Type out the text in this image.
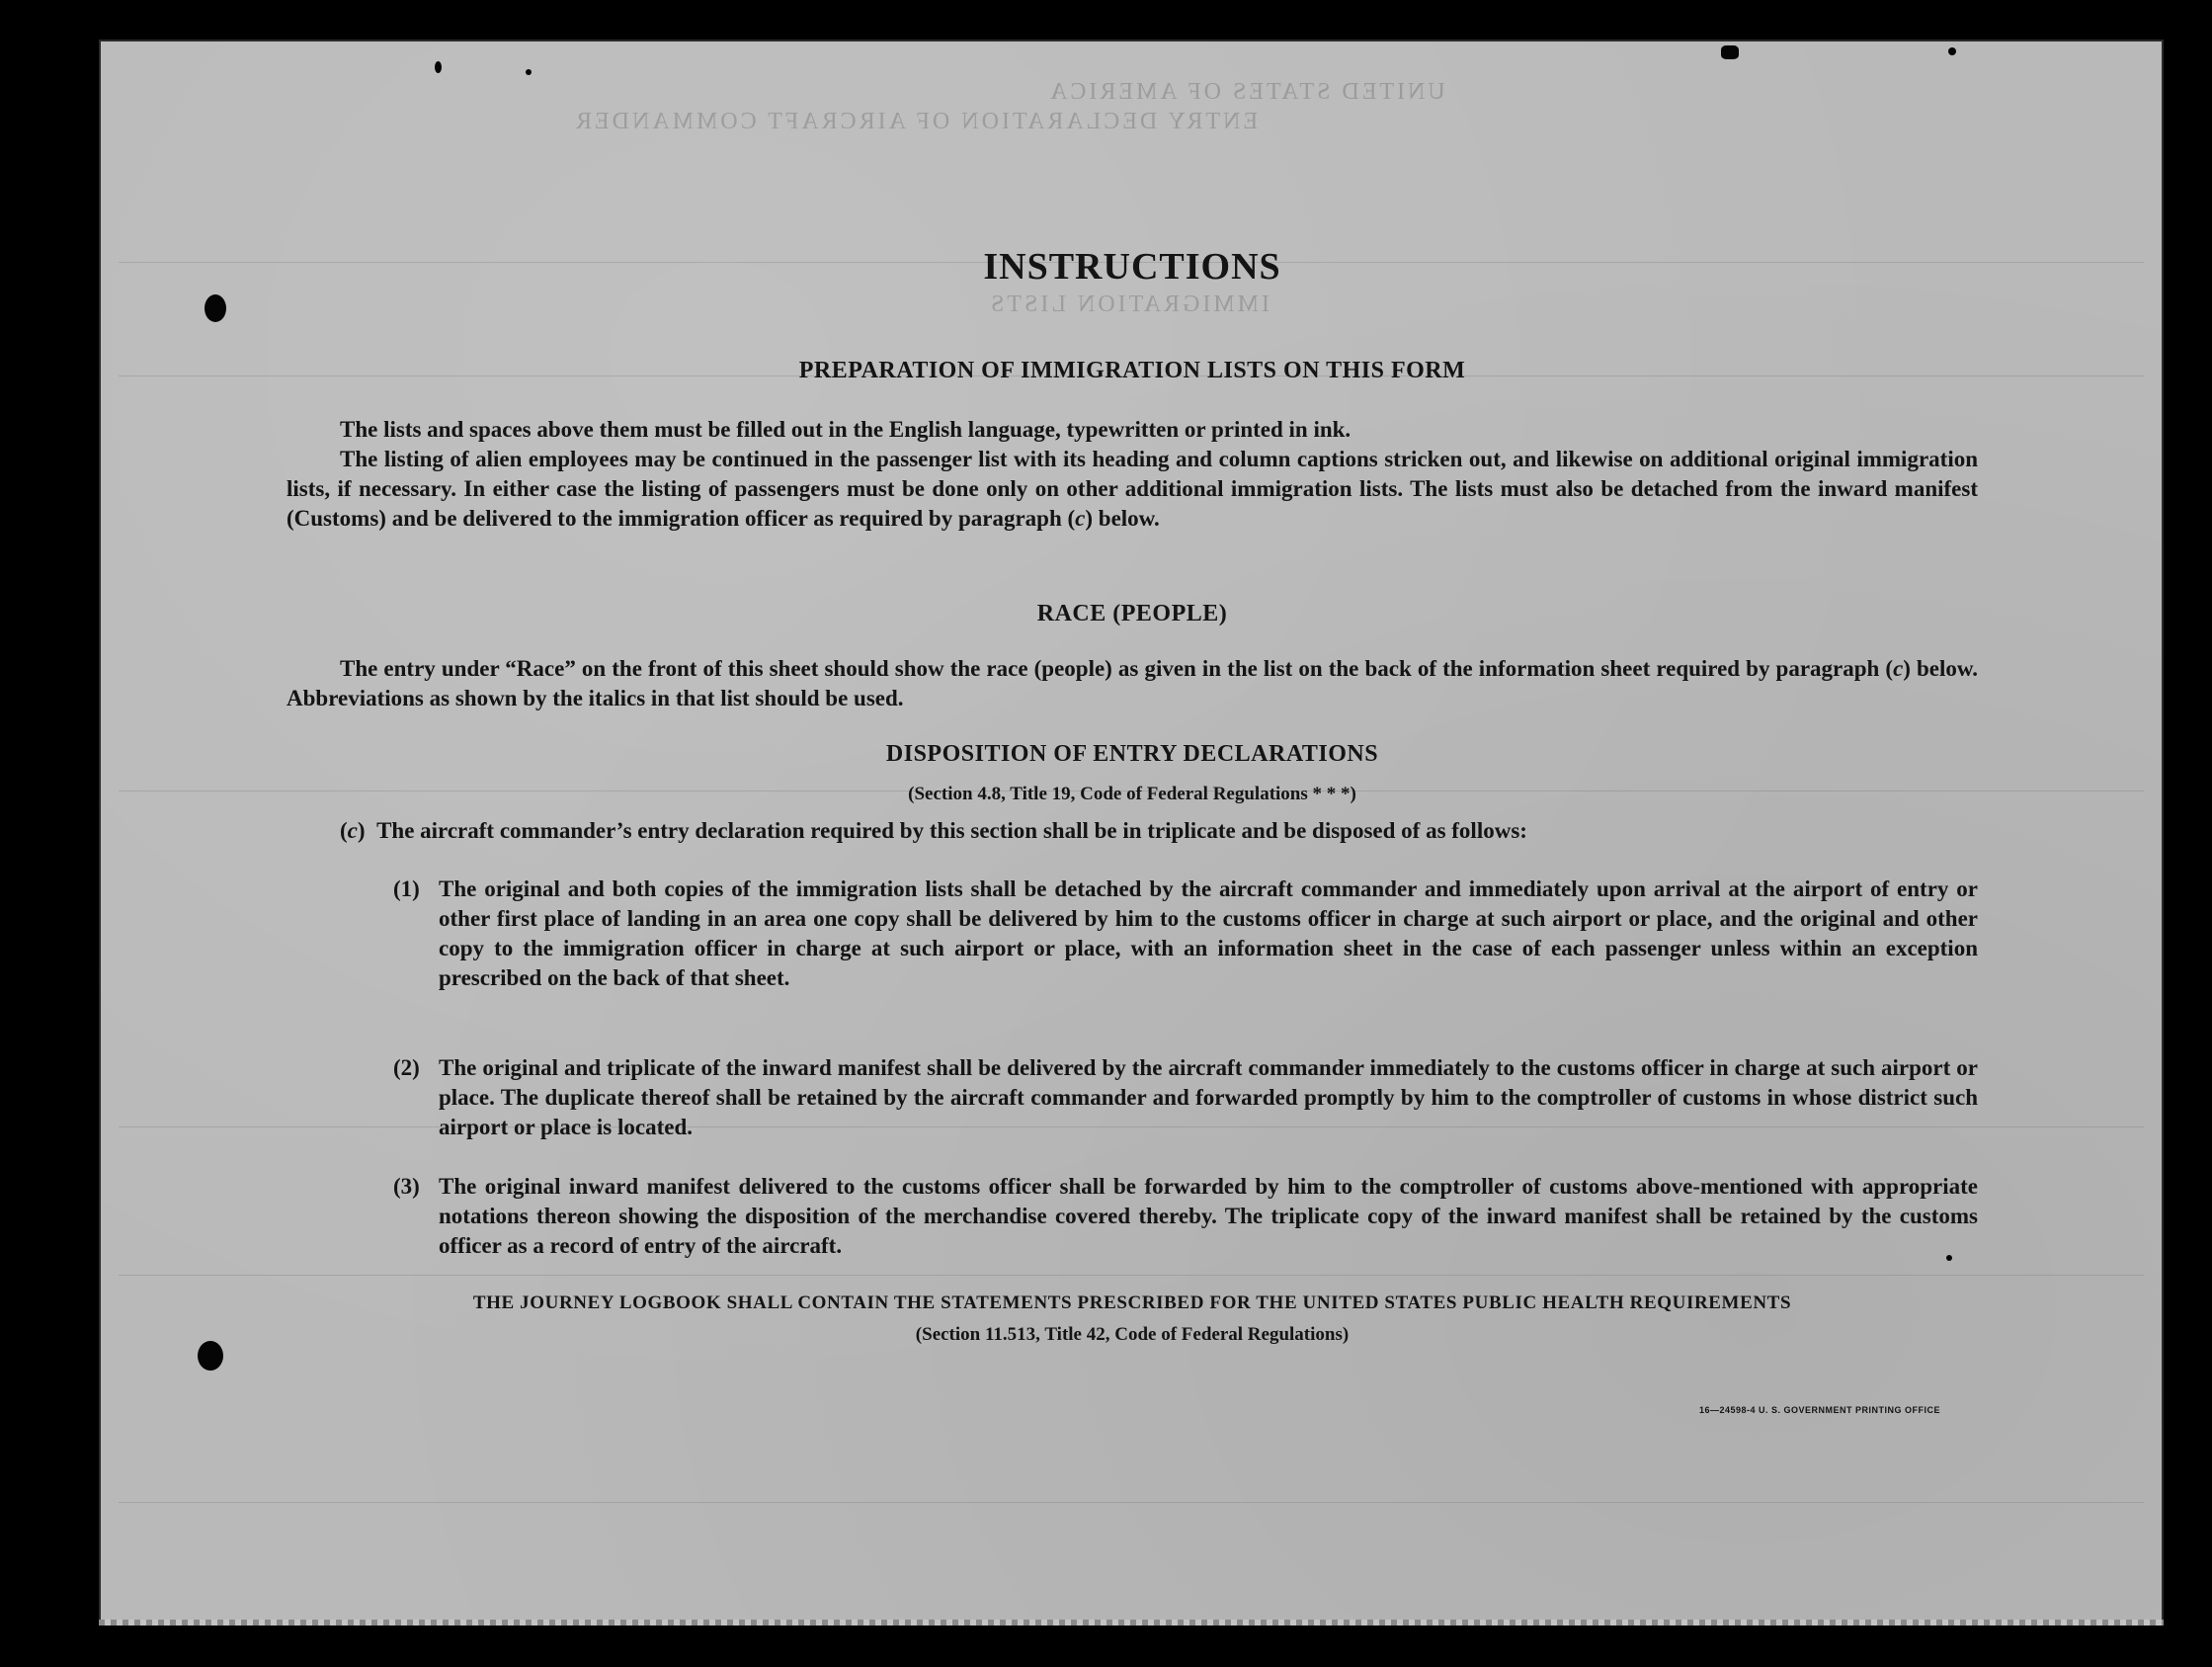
ENTRY DECLARATION OF AIRCRAFT COMMANDER
UNITED STATES OF AMERICA
IMMIGRATION LISTS
INSTRUCTIONS
PREPARATION OF IMMIGRATION LISTS ON THIS FORM
The lists and spaces above them must be filled out in the English language, typewritten or printed in ink.
The listing of alien employees may be continued in the passenger list with its heading and column captions stricken out, and likewise on additional original immigration lists, if necessary. In either case the listing of passengers must be done only on other additional immigration lists. The lists must also be detached from the inward manifest (Customs) and be delivered to the immigration officer as required by paragraph (c) below.
RACE (PEOPLE)
The entry under “Race” on the front of this sheet should show the race (people) as given in the list on the back of the information sheet required by paragraph (c) below. Abbreviations as shown by the italics in that list should be used.
DISPOSITION OF ENTRY DECLARATIONS
(Section 4.8, Title 19, Code of Federal Regulations * * *)
(c)  The aircraft commander’s entry declaration required by this section shall be in triplicate and be disposed of as follows:
(1) The original and both copies of the immigration lists shall be detached by the aircraft commander and immediately upon arrival at the airport of entry or other first place of landing in an area one copy shall be delivered by him to the customs officer in charge at such airport or place, and the original and other copy to the immigration officer in charge at such airport or place, with an information sheet in the case of each passenger unless within an exception prescribed on the back of that sheet.
(2) The original and triplicate of the inward manifest shall be delivered by the aircraft commander immediately to the customs officer in charge at such airport or place. The duplicate thereof shall be retained by the aircraft commander and forwarded promptly by him to the comptroller of customs in whose district such airport or place is located.
(3) The original inward manifest delivered to the customs officer shall be forwarded by him to the comptroller of customs above-mentioned with appropriate notations thereon showing the disposition of the merchandise covered thereby. The triplicate copy of the inward manifest shall be retained by the customs officer as a record of entry of the aircraft.
THE JOURNEY LOGBOOK SHALL CONTAIN THE STATEMENTS PRESCRIBED FOR THE UNITED STATES PUBLIC HEALTH REQUIREMENTS
(Section 11.513, Title 42, Code of Federal Regulations)
16—24598-4 U. S. GOVERNMENT PRINTING OFFICE
